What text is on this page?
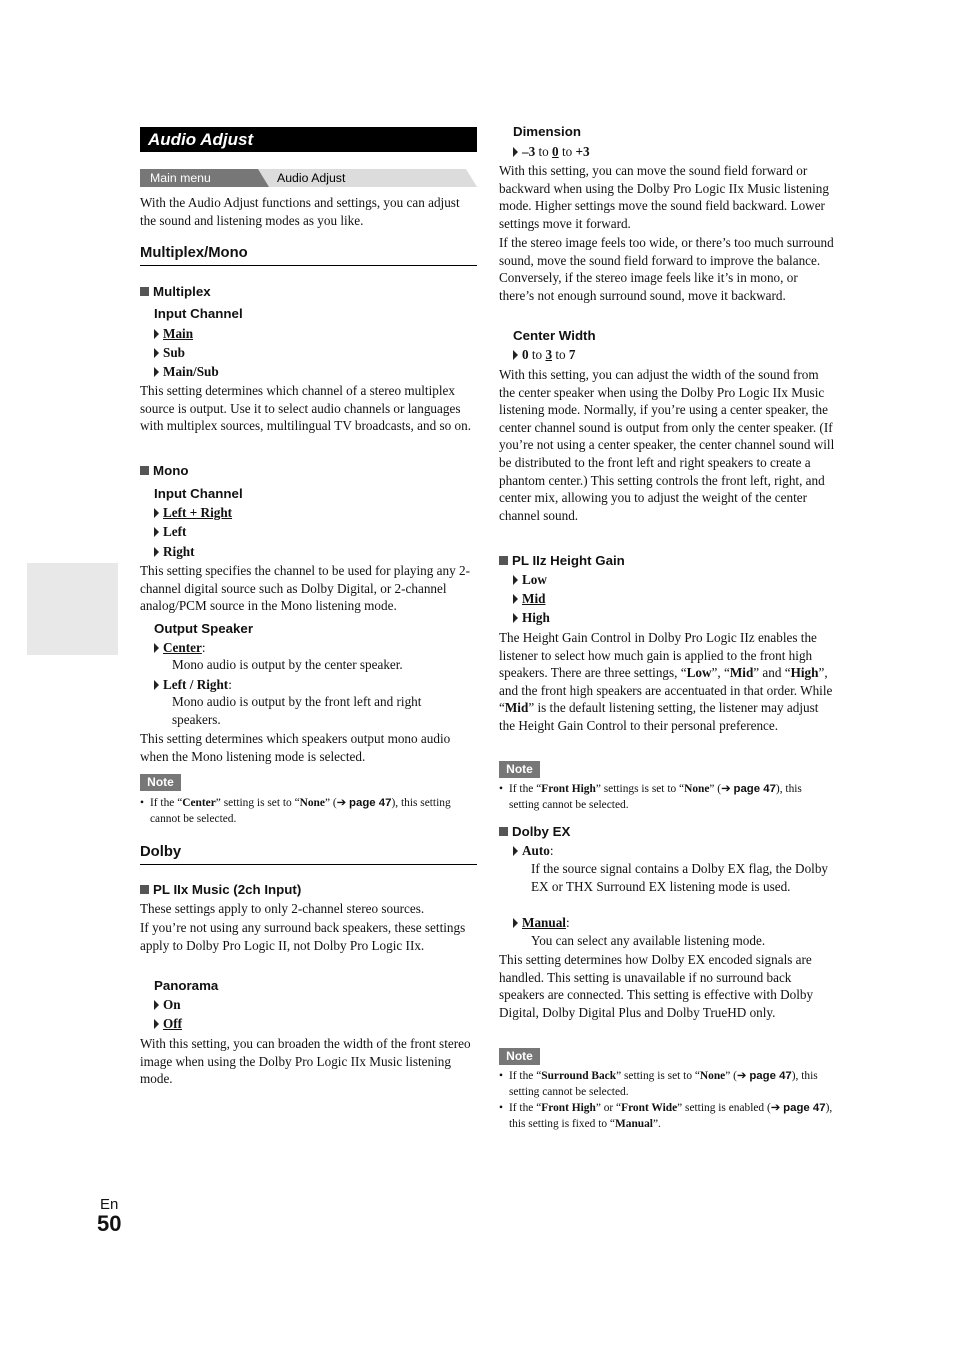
Audio Adjust
Main menu	Audio Adjust
With the Audio Adjust functions and settings, you can adjust the sound and listening modes as you like.
Multiplex/Mono
Multiplex
Input Channel
Main
Sub
Main/Sub
This setting determines which channel of a stereo multiplex source is output. Use it to select audio channels or languages with multiplex sources, multilingual TV broadcasts, and so on.
Mono
Input Channel
Left + Right
Left
Right
This setting specifies the channel to be used for playing any 2-channel digital source such as Dolby Digital, or 2-channel analog/PCM source in the Mono listening mode.
Output Speaker
Center:
Mono audio is output by the center speaker.
Left / Right:
Mono audio is output by the front left and right speakers.
This setting determines which speakers output mono audio when the Mono listening mode is selected.
Note
• If the “Center” setting is set to “None” (➔ page 47), this setting cannot be selected.
Dolby
PL IIx Music (2ch Input)
These settings apply to only 2-channel stereo sources.
If you’re not using any surround back speakers, these settings apply to Dolby Pro Logic II, not Dolby Pro Logic IIx.
Panorama
On
Off
With this setting, you can broaden the width of the front stereo image when using the Dolby Pro Logic IIx Music listening mode.
Dimension
–3 to 0 to +3
With this setting, you can move the sound field forward or backward when using the Dolby Pro Logic IIx Music listening mode. Higher settings move the sound field backward. Lower settings move it forward.
If the stereo image feels too wide, or there’s too much surround sound, move the sound field forward to improve the balance. Conversely, if the stereo image feels like it’s in mono, or there’s not enough surround sound, move it backward.
Center Width
0 to 3 to 7
With this setting, you can adjust the width of the sound from the center speaker when using the Dolby Pro Logic IIx Music listening mode. Normally, if you’re using a center speaker, the center channel sound is output from only the center speaker. (If you’re not using a center speaker, the center channel sound will be distributed to the front left and right speakers to create a phantom center.) This setting controls the front left, right, and center mix, allowing you to adjust the weight of the center channel sound.
PL IIz Height Gain
Low
Mid
High
The Height Gain Control in Dolby Pro Logic IIz enables the listener to select how much gain is applied to the front high speakers. There are three settings, “Low”, “Mid” and “High”, and the front high speakers are accentuated in that order. While “Mid” is the default listening setting, the listener may adjust the Height Gain Control to their personal preference.
Note
• If the “Front High” settings is set to “None” (➔ page 47), this setting cannot be selected.
Dolby EX
Auto:
If the source signal contains a Dolby EX flag, the Dolby EX or THX Surround EX listening mode is used.
Manual:
You can select any available listening mode.
This setting determines how Dolby EX encoded signals are handled. This setting is unavailable if no surround back speakers are connected. This setting is effective with Dolby Digital, Dolby Digital Plus and Dolby TrueHD only.
Note
• If the “Surround Back” setting is set to “None” (➔ page 47), this setting cannot be selected.
• If the “Front High” or “Front Wide” setting is enabled (➔ page 47), this setting is fixed to “Manual”.
En
50
